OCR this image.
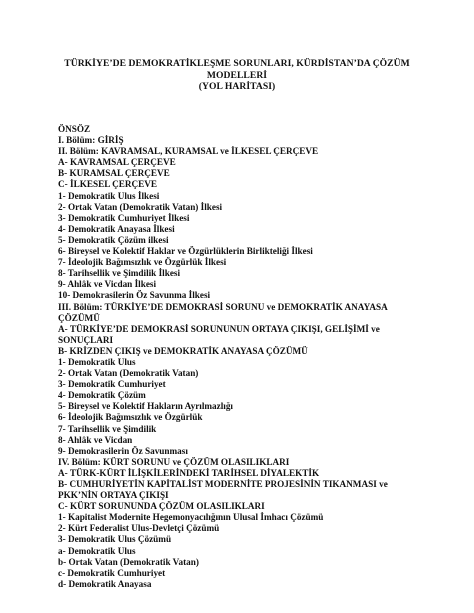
TÜRKİYE’DE DEMOKRATİKLEŞME SORUNLARI, KÜRDİSTAN’DA ÇÖZÜM
MODELLERİ
(YOL HARİTASI)
ÖNSÖZ
I. Bölüm: GİRİŞ
II. Bölüm: KAVRAMSAL, KURAMSAL ve İLKESEL ÇERÇEVE
A- KAVRAMSAL ÇERÇEVE
B- KURAMSAL ÇERÇEVE
C- İLKESEL ÇERÇEVE
1- Demokratik Ulus İlkesi
2- Ortak Vatan (Demokratik Vatan) İlkesi
3- Demokratik Cumhuriyet İlkesi
4- Demokratik Anayasa İlkesi
5- Demokratik Çözüm ilkesi
6- Bireysel ve Kolektif Haklar ve Özgürlüklerin Birlikteliği İlkesi
7- İdeolojik Bağımsızlık ve Özgürlük İlkesi
8- Tarihsellik ve Şimdilik İlkesi
9- Ahlâk ve Vicdan İlkesi
10- Demokrasilerin Öz Savunma İlkesi
III. Bölüm: TÜRKİYE’DE DEMOKRASİ SORUNU ve DEMOKRATİK ANAYASA
ÇÖZÜMÜ
A- TÜRKİYE’DE DEMOKRASİ SORUNUNUN ORTAYA ÇIKIŞI, GELİŞİMİ ve
SONUÇLARI
B- KRİZDEN ÇIKIŞ ve DEMOKRATİK ANAYASA ÇÖZÜMÜ
1- Demokratik Ulus
2- Ortak Vatan (Demokratik Vatan)
3- Demokratik Cumhuriyet
4- Demokratik Çözüm
5- Bireysel ve Kolektif Hakların Ayrılmazlığı
6- İdeolojik Bağımsızlık ve Özgürlük
7- Tarihsellik ve Şimdilik
8- Ahlâk ve Vicdan
9- Demokrasilerin Öz Savunması
IV. Bölüm: KÜRT SORUNU ve ÇÖZÜM OLASILIKLARI
A- TÜRK-KÜRT İLİŞKİLERİNDEKİ TARİHSEL DİYALEKTİK
B- CUMHURİYETİN KAPİTALİST MODERNİTE PROJESİNİN TIKANMASI ve
PKK’NİN ORTAYA ÇIKIŞI
C- KÜRT SORUNUNDA ÇÖZÜM OLASILIKLARI
1- Kapitalist Modernite Hegemonyacılığının Ulusal İmhacı Çözümü
2- Kürt Federalist Ulus-Devletçi Çözümü
3- Demokratik Ulus Çözümü
a- Demokratik Ulus
b- Ortak Vatan (Demokratik Vatan)
c- Demokratik Cumhuriyet
d- Demokratik Anayasa
